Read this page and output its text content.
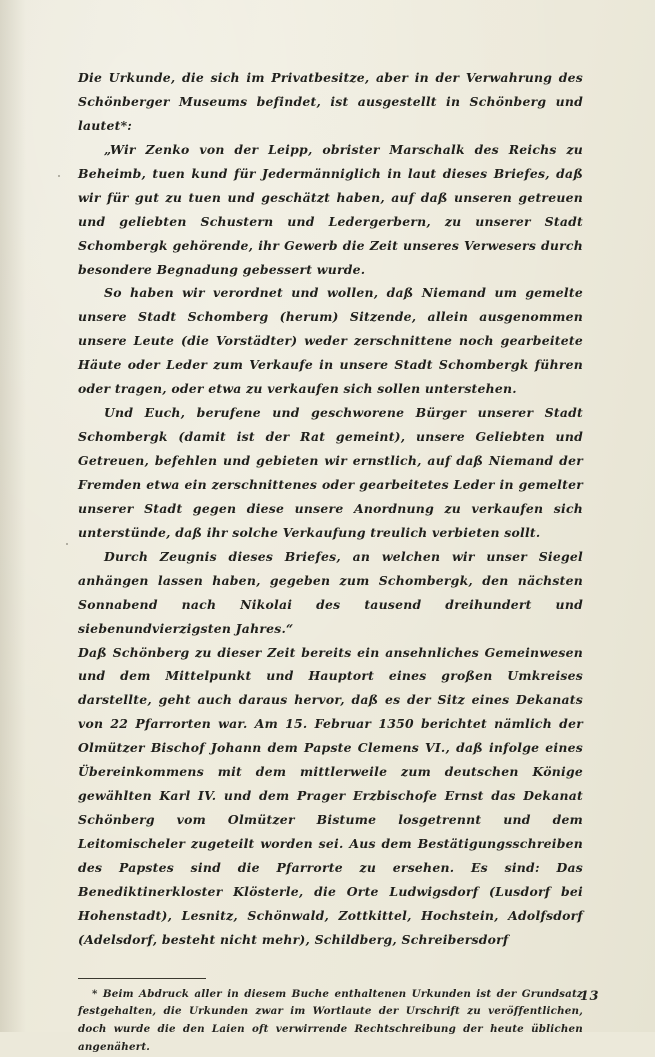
Die Urkunde, die sich im Privatbesitze, aber in der Verwahrung des Schönberger Museums befindet, ist ausgestellt in Schönberg und lautet*:

„Wir Zenko von der Leipp, obrister Marschalk des Reichs zu Beheimb, tuen kund für Jedermänniglich in laut dieses Briefes, daß wir für gut zu tuen und geschätzt haben, auf daß unseren getreuen und geliebten Schustern und Ledergerbern, zu unserer Stadt Schombergk gehörende, ihr Gewerb die Zeit unseres Verwesers durch besondere Begnadung gebessert wurde.

So haben wir verordnet und wollen, daß Niemand um gemelte unsere Stadt Schomberg (herum) Sitzende, allein ausgenommen unsere Leute (die Vorstädter) weder zerschnittene noch gearbeitete Häute oder Leder zum Verkaufe in unsere Stadt Schombergk führen oder tragen, oder etwa zu verkaufen sich sollen unterstehen.

Und Euch, berufene und geschworene Bürger unserer Stadt Schombergk (damit ist der Rat gemeint), unsere Geliebten und Getreuen, befehlen und gebieten wir ernstlich, auf daß Niemand der Fremden etwa ein zerschnittenes oder gearbeitetes Leder in gemelter unserer Stadt gegen diese unsere Anordnung zu verkaufen sich unterstünde, daß ihr solche Verkaufung treulich verbieten sollt.

Durch Zeugnis dieses Briefes, an welchen wir unser Siegel anhängen lassen haben, gegeben zum Schombergk, den nächsten Sonnabend nach Nikolai des tausend dreihundert und siebenundvierzigsten Jahres.“

Daß Schönberg zu dieser Zeit bereits ein ansehnliches Gemeinwesen und dem Mittelpunkt und Hauptort eines großen Umkreises darstellte, geht auch daraus hervor, daß es der Sitz eines Dekanats von 22 Pfarrorten war. Am 15. Februar 1350 berichtet nämlich der Olmützer Bischof Johann dem Papste Clemens VI., daß infolge eines Übereinkommens mit dem mittlerweile zum deutschen Könige gewählten Karl IV. und dem Prager Erzbischofe Ernst das Dekanat Schönberg vom Olmützer Bistume losgetrennt und dem Leitomischeler zugeteilt worden sei. Aus dem Bestätigungsschreiben des Papstes sind die Pfarrorte zu ersehen. Es sind: Das Benediktinerkloster Klösterle, die Orte Ludwigsdorf (Lusdorf bei Hohenstadt), Lesnitz, Schönwald, Zottkittel, Hochstein, Adolfsdorf (Adelsdorf, besteht nicht mehr), Schildberg, Schreibersdorf

* Beim Abdruck aller in diesem Buche enthaltenen Urkunden ist der Grundsatz festgehalten, die Urkunden zwar im Wortlaute der Urschrift zu veröffentlichen, doch wurde die den Laien oft verwirrende Rechtschreibung der heute üblichen angenähert.

13
